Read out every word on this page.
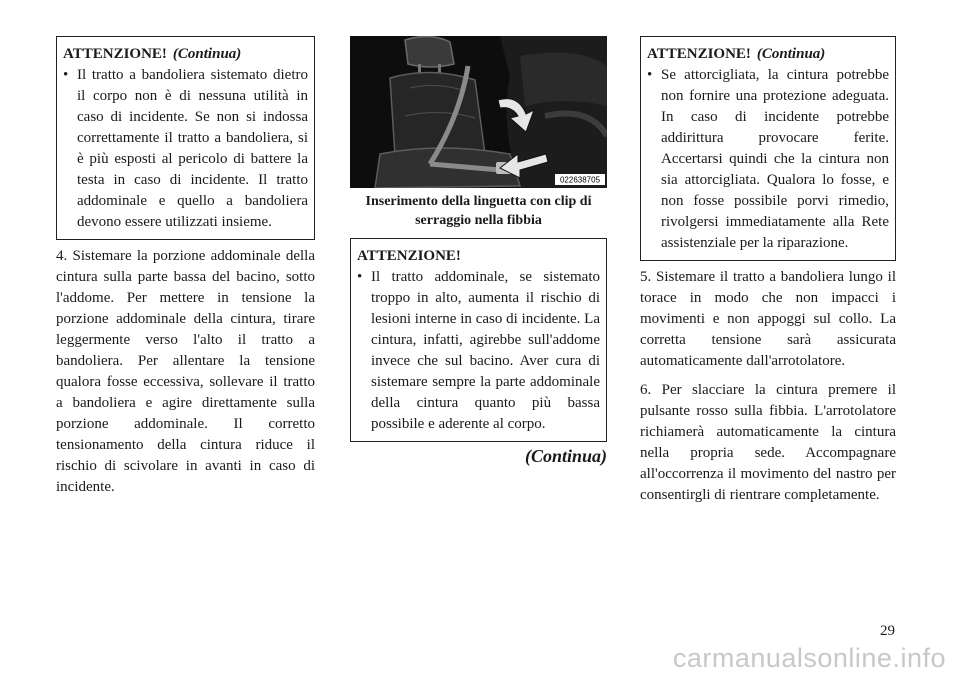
ATTENZIONE! (Continua)
• Il tratto a bandoliera sistemato dietro il corpo non è di nessuna utilità in caso di incidente. Se non si indossa correttamente il tratto a bandoliera, si è più esposti al pericolo di battere la testa in caso di incidente. Il tratto addominale e quello a bandoliera devono essere utilizzati insieme.

4. Sistemare la porzione addominale della cintura sulla parte bassa del bacino, sotto l'addome. Per mettere in tensione la porzione addominale della cintura, tirare leggermente verso l'alto il tratto a bandoliera. Per allentare la tensione qualora fosse eccessiva, sollevare il tratto a bandoliera e agire direttamente sulla porzione addominale. Il corretto tensionamento della cintura riduce il rischio di scivolare in avanti in caso di incidente.

022638705
Inserimento della linguetta con clip di serraggio nella fibbia
ATTENZIONE!
• Il tratto addominale, se sistemato troppo in alto, aumenta il rischio di lesioni interne in caso di incidente. La cintura, infatti, agirebbe sull'addome invece che sul bacino. Aver cura di sistemare sempre la parte addominale della cintura quanto più bassa possibile e aderente al corpo.
(Continua)
ATTENZIONE! (Continua)
• Se attorcigliata, la cintura potrebbe non fornire una protezione adeguata. In caso di incidente potrebbe addirittura provocare ferite. Accertarsi quindi che la cintura non sia attorcigliata. Qualora lo fosse, e non fosse possibile porvi rimedio, rivolgersi immediatamente alla Rete assistenziale per la riparazione.

5. Sistemare il tratto a bandoliera lungo il torace in modo che non impacci i movimenti e non appoggi sul collo. La corretta tensione sarà assicurata automaticamente dall'arrotolatore.

6. Per slacciare la cintura premere il pulsante rosso sulla fibbia. L'arrotolatore richiamerà automaticamente la cintura nella propria sede. Accompagnare all'occorrenza il movimento del nastro per consentirgli di rientrare completamente.

29
carmanualsonline.info
